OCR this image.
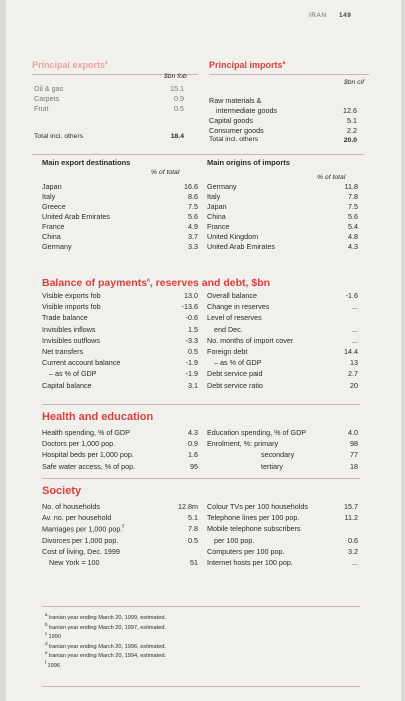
IRAN 149
Principal exports$^a$
$bn fob
Oil & gas	15.1
Carpets	0.9
Fruit	0.5
Total incl. others	18.4
Principal imports$^a$
$bn cif
Raw materials &
intermediate goods	12.6
Capital goods	5.1
Consumer goods	2.2
Total incl. others	20.0
Main export destinations
% of total
Japan	16.6
Italy	8.6
Greece	7.5
United Arab Emirates	5.6
France	4.9
China	3.7
Germany	3.3
Main origins of imports
% of total
Germany	11.8
Italy	7.8
Japan	7.5
China	5.6
France	5.4
United Kingdom	4.8
United Arab Emirates	4.3
Balance of payments$^a$, reserves and debt, $bn
Visible exports fob	13.0
Visible imports fob	-13.6
Trade balance	-0.6
Invisibles inflows	1.5
Invisibles outflows	-3.3
Net transfers	0.5
Current account balance	-1.9
– as % of GDP	-1.9
Capital balance	3.1
Overall balance	-1.6
Change in reserves	...
Level of reserves
end Dec.	...
No. months of import cover	...
Foreign debt	14.4
– as % of GDP	13
Debt service paid	2.7
Debt service ratio	20
Health and education
Health spending, % of GDP	4.3
Doctors per 1,000 pop.	0.9
Hospital beds per 1,000 pop.	1.6
Safe water access, % of pop.	95
Education spending, % of GDP	4.0
Enrolment, %: primary	98
secondary	77
tertiary	18
Society
No. of households	12.8m
Av. no. per household	5.1
Marriages per 1,000 pop.$^f$	7.8
Divorces per 1,000 pop.	0.5
Cost of living, Dec. 1999
New York = 100	51
Colour TVs per 100 households	15.7
Telephone lines per 100 pop.	11.2
Mobile telephone subscribers
per 100 pop.	0.6
Computers per 100 pop.	3.2
Internet hosts per 100 pop.	...
$^a$ Iranian year ending March 20, 1999, estimated.
$^b$ Iranian year ending March 20, 1997, estimated.
$^c$ 1990
$^d$ Iranian year ending March 20, 1996, estimated.
$^e$ Iranian year ending March 20, 1994, estimated.
$^f$ 1996
